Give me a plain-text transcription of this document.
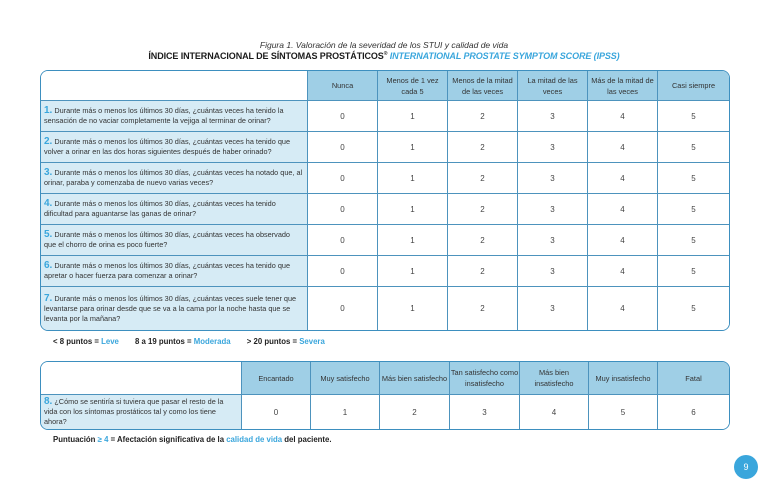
Figura 1. Valoración de la severidad de los STUI y calidad de vida
ÍNDICE INTERNACIONAL DE SÍNTOMAS PROSTÁTICOS® INTERNATIONAL PROSTATE SYMPTOM SCORE (IPSS)
	Nunca	Menos de 1 vez cada 5	Menos de la mitad de las veces	La mitad de las veces	Más de la mitad de las veces	Casi siempre
1. Durante más o menos los últimos 30 días, ¿cuántas veces ha tenido la sensación de no vaciar completamente la vejiga al terminar de orinar?	0	1	2	3	4	5
2. Durante más o menos los últimos 30 días, ¿cuántas veces ha tenido que volver a orinar en las dos horas siguientes después de haber orinado?	0	1	2	3	4	5
3. Durante más o menos los últimos 30 días, ¿cuántas veces ha notado que, al orinar, paraba y comenzaba de nuevo varias veces?	0	1	2	3	4	5
4. Durante más o menos los últimos 30 días, ¿cuántas veces ha tenido dificultad para aguantarse las ganas de orinar?	0	1	2	3	4	5
5. Durante más o menos los últimos 30 días, ¿cuántas veces ha observado que el chorro de orina es poco fuerte?	0	1	2	3	4	5
6. Durante más o menos los últimos 30 días, ¿cuántas veces ha tenido que apretar o hacer fuerza para comenzar a orinar?	0	1	2	3	4	5
7. Durante más o menos los últimos 30 días, ¿cuántas veces suele tener que levantarse para orinar desde que se va a la cama por la noche hasta que se levanta por la mañana?	0	1	2	3	4	5
< 8 puntos = Leve 8 a 19 puntos = Moderada > 20 puntos = Severa
	Encantado	Muy satisfecho	Más bien satisfecho	Tan satisfecho como insatisfecho	Más bien insatisfecho	Muy insatisfecho	Fatal
8. ¿Cómo se sentiría si tuviera que pasar el resto de la vida con los síntomas prostáticos tal y como los tiene ahora?	0	1	2	3	4	5	6
Puntuación ≥ 4 = Afectación significativa de la calidad de vida del paciente.
9
